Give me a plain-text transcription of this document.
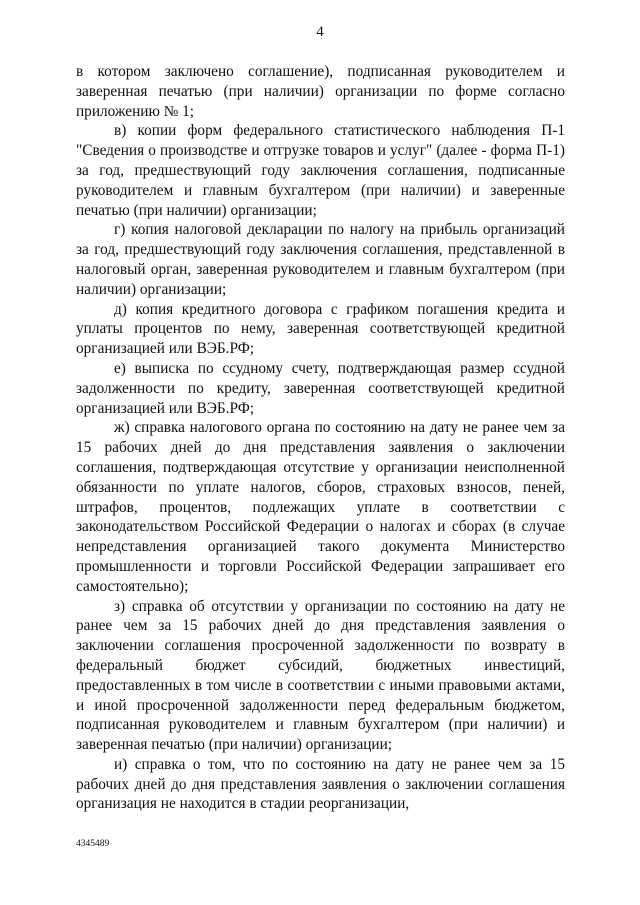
4

в котором заключено соглашение), подписанная руководителем и заверенная печатью (при наличии) организации по форме согласно приложению № 1;

в) копии форм федерального статистического наблюдения П-1 "Сведения о производстве и отгрузке товаров и услуг" (далее - форма П-1) за год, предшествующий году заключения соглашения, подписанные руководителем и главным бухгалтером (при наличии) и заверенные печатью (при наличии) организации;

г) копия налоговой декларации по налогу на прибыль организаций за год, предшествующий году заключения соглашения, представленной в налоговый орган, заверенная руководителем и главным бухгалтером (при наличии) организации;

д) копия кредитного договора с графиком погашения кредита и уплаты процентов по нему, заверенная соответствующей кредитной организацией или ВЭБ.РФ;

е) выписка по ссудному счету, подтверждающая размер ссудной задолженности по кредиту, заверенная соответствующей кредитной организацией или ВЭБ.РФ;

ж) справка налогового органа по состоянию на дату не ранее чем за 15 рабочих дней до дня представления заявления о заключении соглашения, подтверждающая отсутствие у организации неисполненной обязанности по уплате налогов, сборов, страховых взносов, пеней, штрафов, процентов, подлежащих уплате в соответствии с законодательством Российской Федерации о налогах и сборах (в случае непредставления организацией такого документа Министерство промышленности и торговли Российской Федерации запрашивает его самостоятельно);

з) справка об отсутствии у организации по состоянию на дату не ранее чем за 15 рабочих дней до дня представления заявления о заключении соглашения просроченной задолженности по возврату в федеральный бюджет субсидий, бюджетных инвестиций, предоставленных в том числе в соответствии с иными правовыми актами, и иной просроченной задолженности перед федеральным бюджетом, подписанная руководителем и главным бухгалтером (при наличии) и заверенная печатью (при наличии) организации;

и) справка о том, что по состоянию на дату не ранее чем за 15 рабочих дней до дня представления заявления о заключении соглашения организация не находится в стадии реорганизации,

4345489
